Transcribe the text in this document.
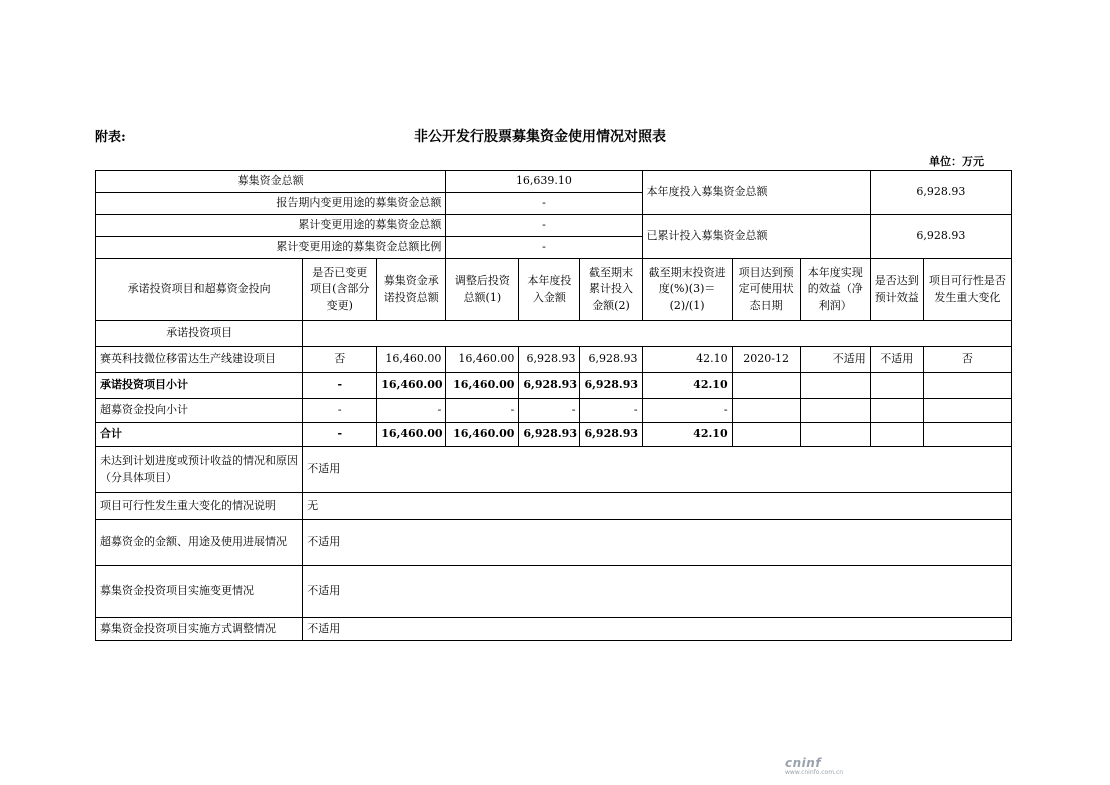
附表:	非公开发行股票募集资金使用情况对照表
单位：万元
募集资金总额			16,639.10			本年度投入募集资金总额			6,928.93	
报告期内变更用途的募集资金总额			-							
累计变更用途的募集资金总额			-			已累计投入募集资金总额			6,928.93	
累计变更用途的募集资金总额比例			-							
承诺投资项目和超募资金投向	是否已变更项目(含部分变更)	募集资金承诺投资总额	调整后投资总额(1)	本年度投入金额	截至期末累计投入金额(2)	截至期末投资进度(%)(3)＝(2)/(1)	项目达到预定可使用状态日期	本年度实现的效益（净利润）	是否达到预计效益	项目可行性是否发生重大变化
承诺投资项目										
赛英科技微位移雷达生产线建设项目	否	16,460.00	16,460.00	6,928.93	6,928.93	42.10	2020-12	不适用	不适用	否
承诺投资项目小计	-	16,460.00	16,460.00	6,928.93	6,928.93	42.10				
超募资金投向小计	-	-	-	-	-	-				
合计	-	16,460.00	16,460.00	6,928.93	6,928.93	42.10				
未达到计划进度或预计收益的情况和原因（分具体项目）	不适用									
项目可行性发生重大变化的情况说明	无									
超募资金的金额、用途及使用进展情况	不适用									
募集资金投资项目实施变更情况	不适用									
募集资金投资项目实施方式调整情况	不适用									
cninf
www.cninfo.com.cn
